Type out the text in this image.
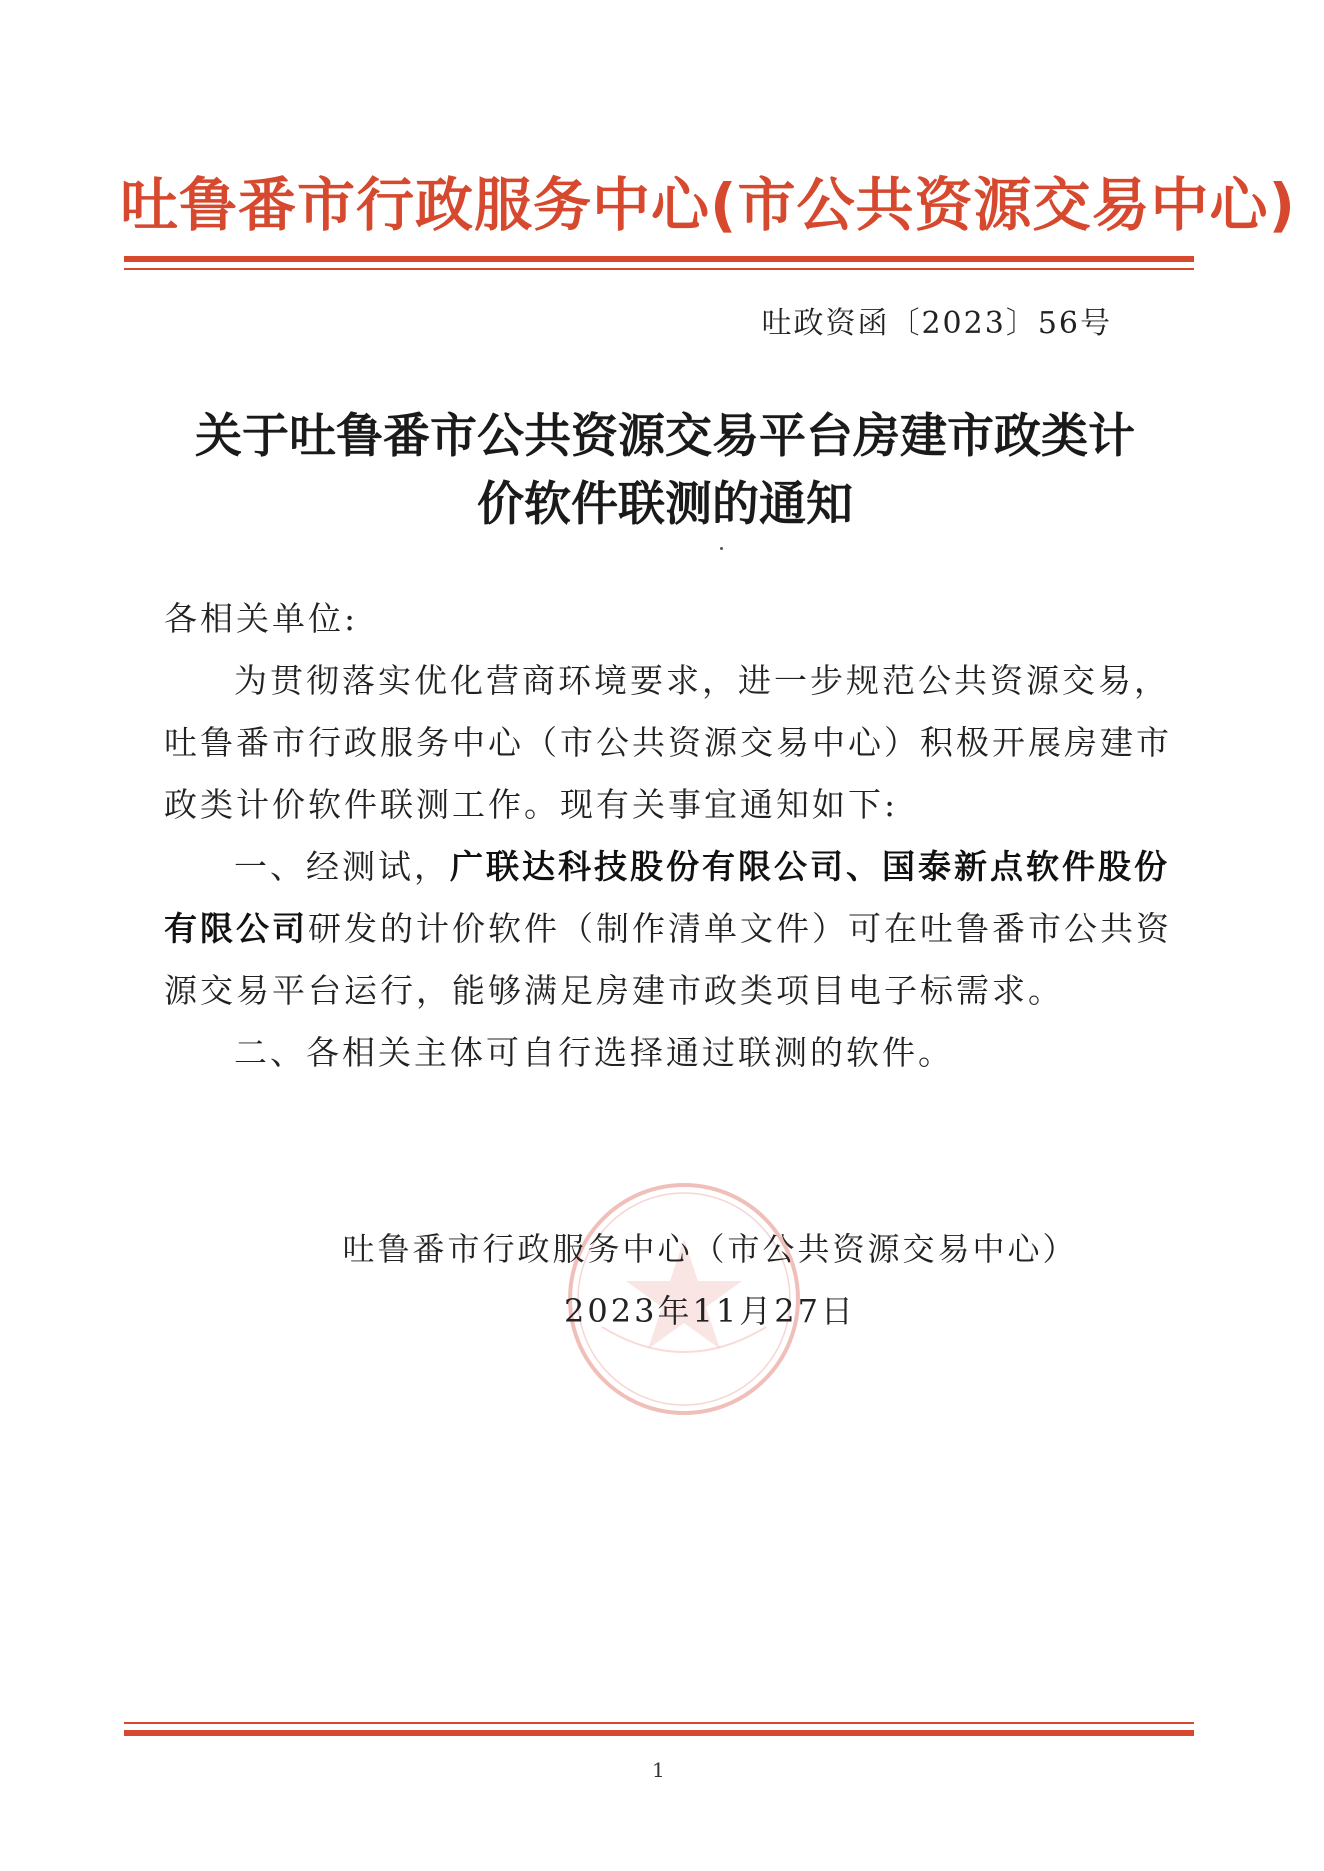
吐鲁番市行政服务中心(市公共资源交易中心)
吐政资函〔2023〕56号
关于吐鲁番市公共资源交易平台房建市政类计
价软件联测的通知
各相关单位:
为贯彻落实优化营商环境要求，进一步规范公共资源交易，
吐鲁番市行政服务中心（市公共资源交易中心）积极开展房建市
政类计价软件联测工作。现有关事宜通知如下:
一、经测试，广联达科技股份有限公司、国泰新点软件股份
有限公司研发的计价软件（制作清单文件）可在吐鲁番市公共资
源交易平台运行，能够满足房建市政类项目电子标需求。
二、各相关主体可自行选择通过联测的软件。
吐鲁番市行政服务中心（市公共资源交易中心）
2023年11月27日
1
